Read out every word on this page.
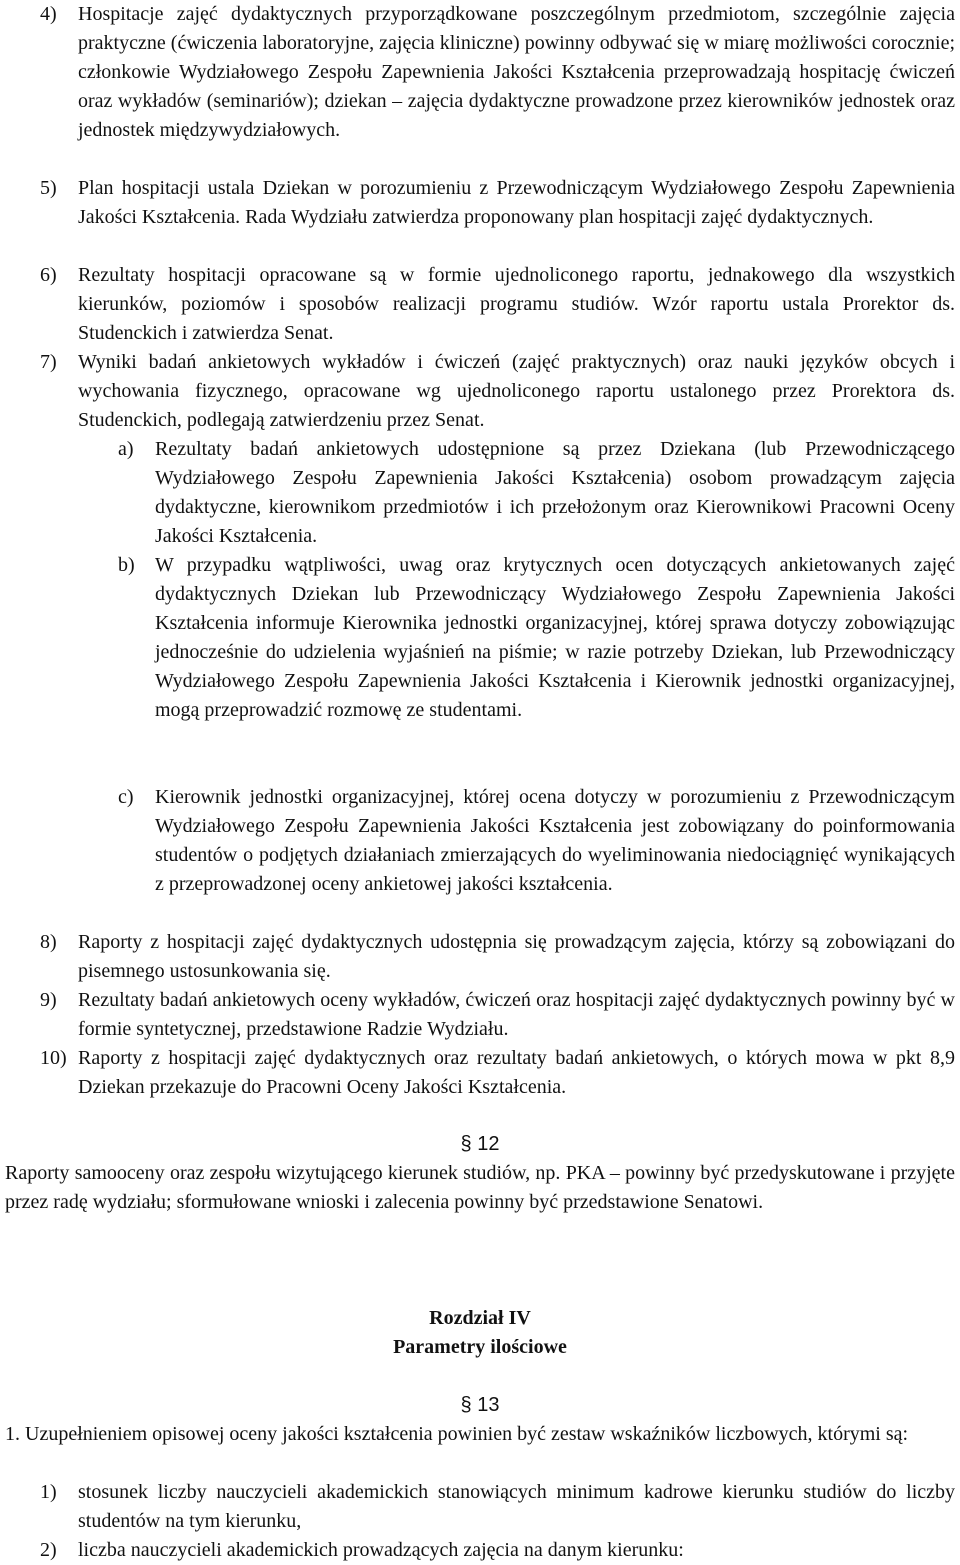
4) Hospitacje zajęć dydaktycznych przyporządkowane poszczególnym przedmiotom, szczególnie zajęcia praktyczne (ćwiczenia laboratoryjne, zajęcia kliniczne) powinny odbywać się w miarę możliwości corocznie; członkowie Wydziałowego Zespołu Zapewnienia Jakości Kształcenia przeprowadzają hospitację ćwiczeń oraz wykładów (seminariów); dziekan – zajęcia dydaktyczne prowadzone przez kierowników jednostek oraz jednostek międzywydziałowych.
5) Plan hospitacji ustala Dziekan w porozumieniu z Przewodniczącym Wydziałowego Zespołu Zapewnienia Jakości Kształcenia. Rada Wydziału zatwierdza proponowany plan hospitacji zajęć dydaktycznych.
6) Rezultaty hospitacji opracowane są w formie ujednoliconego raportu, jednakowego dla wszystkich kierunków, poziomów i sposobów realizacji programu studiów. Wzór raportu ustala Prorektor ds. Studenckich i zatwierdza Senat.
7) Wyniki badań ankietowych wykładów i ćwiczeń (zajęć praktycznych) oraz nauki języków obcych i wychowania fizycznego, opracowane wg ujednoliconego raportu ustalonego przez Prorektora ds. Studenckich, podlegają zatwierdzeniu przez Senat.
a) Rezultaty badań ankietowych udostępnione są przez Dziekana (lub Przewodniczącego Wydziałowego Zespołu Zapewnienia Jakości Kształcenia) osobom prowadzącym zajęcia dydaktyczne, kierownikom przedmiotów i ich przełożonym oraz Kierownikowi Pracowni Oceny Jakości Kształcenia.
b) W przypadku wątpliwości, uwag oraz krytycznych ocen dotyczących ankietowanych zajęć dydaktycznych Dziekan lub Przewodniczący Wydziałowego Zespołu Zapewnienia Jakości Kształcenia informuje Kierownika jednostki organizacyjnej, której sprawa dotyczy zobowiązując jednocześnie do udzielenia wyjaśnień na piśmie; w razie potrzeby Dziekan, lub Przewodniczący Wydziałowego Zespołu Zapewnienia Jakości Kształcenia i Kierownik jednostki organizacyjnej, mogą przeprowadzić rozmowę ze studentami.
c) Kierownik jednostki organizacyjnej, której ocena dotyczy w porozumieniu z Przewodniczącym Wydziałowego Zespołu Zapewnienia Jakości Kształcenia jest zobowiązany do poinformowania studentów o podjętych działaniach zmierzających do wyeliminowania niedociągnięć wynikających z przeprowadzonej oceny ankietowej jakości kształcenia.
8) Raporty z hospitacji zajęć dydaktycznych udostępnia się prowadzącym zajęcia, którzy są zobowiązani do pisemnego ustosunkowania się.
9) Rezultaty badań ankietowych oceny wykładów, ćwiczeń oraz hospitacji zajęć dydaktycznych powinny być w formie syntetycznej, przedstawione Radzie Wydziału.
10) Raporty z hospitacji zajęć dydaktycznych oraz rezultaty badań ankietowych, o których mowa w pkt 8,9 Dziekan przekazuje do Pracowni Oceny Jakości Kształcenia.
§ 12
Raporty samooceny oraz zespołu wizytującego kierunek studiów, np. PKA – powinny być przedyskutowane i przyjęte przez radę wydziału; sformułowane wnioski i zalecenia powinny być przedstawione Senatowi.
Rozdział IV
Parametry ilościowe
§ 13
1. Uzupełnieniem opisowej oceny jakości kształcenia powinien być zestaw wskaźników liczbowych, którymi są:
1) stosunek liczby nauczycieli akademickich stanowiących minimum kadrowe kierunku studiów do liczby studentów na tym kierunku,
2) liczba nauczycieli akademickich prowadzących zajęcia na danym kierunku:
